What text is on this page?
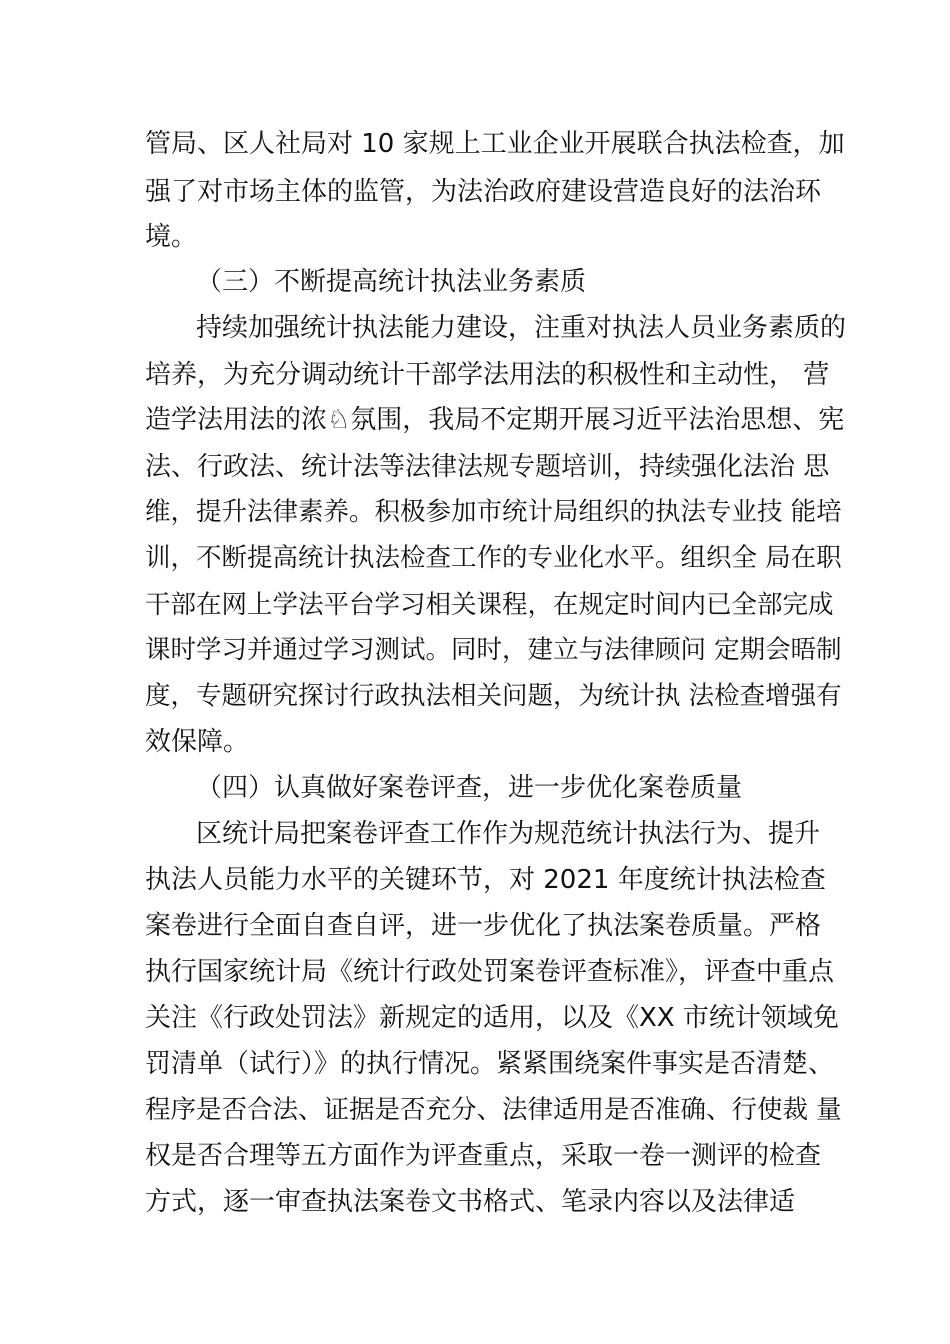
管局、区人社局对 10 家规上工业企业开展联合执法检查，加
强了对市场主体的监管，为法治政府建设营造良好的法治环
境。
（三）不断提高统计执法业务素质
持续加强统计执法能力建设，注重对执法人员业务素质的
培养，为充分调动统计干部学法用法的积极性和主动性， 营
造学法用法的浓♘氛围，我局不定期开展习近平法治思想、宪
法、行政法、统计法等法律法规专题培训，持续强化法治 思
维，提升法律素养。积极参加市统计局组织的执法专业技 能培
训，不断提高统计执法检查工作的专业化水平。组织全 局在职
干部在网上学法平台学习相关课程，在规定时间内已全部完成
课时学习并通过学习测试。同时，建立与法律顾问 定期会晤制
度，专题研究探讨行政执法相关问题，为统计执 法检查增强有
效保障。
（四）认真做好案卷评查，进一步优化案卷质量
区统计局把案卷评查工作作为规范统计执法行为、提升
执法人员能力水平的关键环节，对 2021 年度统计执法检查
案卷进行全面自查自评，进一步优化了执法案卷质量。严格
执行国家统计局《统计行政处罚案卷评查标准》，评查中重点
关注《行政处罚法》新规定的适用，以及《XX 市统计领域免
罚清单（试行）》的执行情况。紧紧围绕案件事实是否清楚、
程序是否合法、证据是否充分、法律适用是否准确、行使裁 量
权是否合理等五方面作为评查重点，采取一卷一测评的检查
方式，逐一审查执法案卷文书格式、笔录内容以及法律适
